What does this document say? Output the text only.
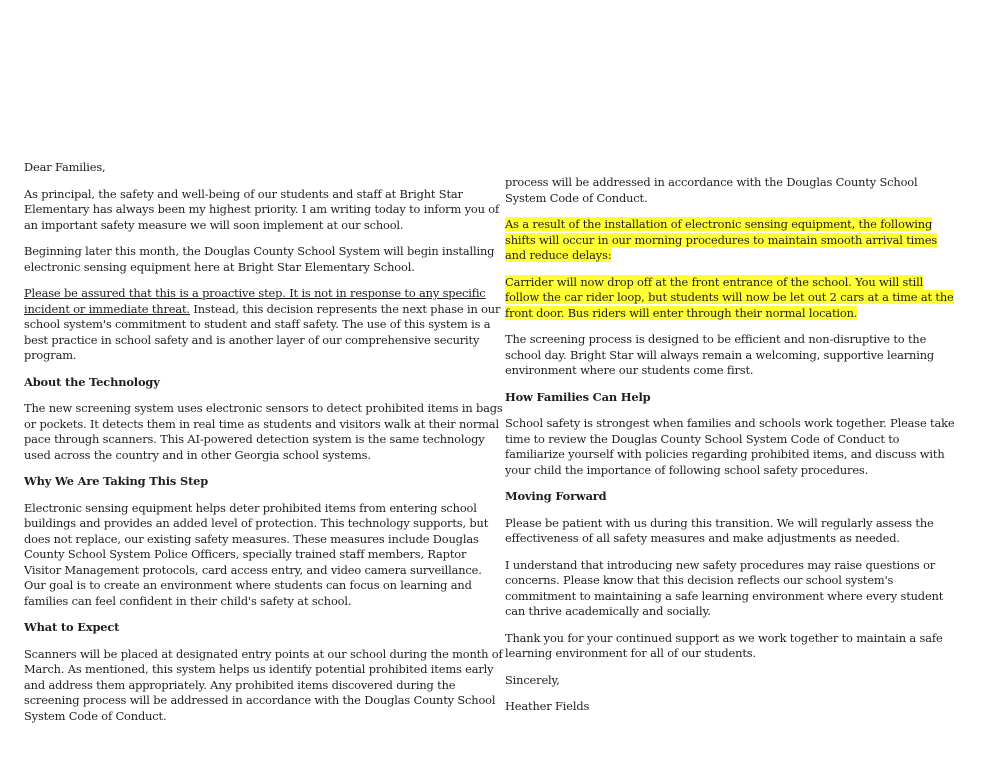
Dear Families,

As principal, the safety and well-being of our students and staff at Bright Star Elementary has always been my highest priority. I am writing today to inform you of an important safety measure we will soon implement at our school.

Beginning later this month, the Douglas County School System will begin installing electronic sensing equipment here at Bright Star Elementary School.

Please be assured that this is a proactive step. It is not in response to any specific incident or immediate threat. Instead, this decision represents the next phase in our school system's commitment to student and staff safety. The use of this system is a best practice in school safety and is another layer of our comprehensive security program.

About the Technology

The new screening system uses electronic sensors to detect prohibited items in bags or pockets. It detects them in real time as students and visitors walk at their normal pace through scanners. This AI-powered detection system is the same technology used across the country and in other Georgia school systems.

Why We Are Taking This Step

Electronic sensing equipment helps deter prohibited items from entering school buildings and provides an added level of protection. This technology supports, but does not replace, our existing safety measures. These measures include Douglas County School System Police Officers, specially trained staff members, Raptor Visitor Management protocols, card access entry, and video camera surveillance. Our goal is to create an environment where students can focus on learning and families can feel confident in their child's safety at school.

What to Expect

Scanners will be placed at designated entry points at our school during the month of March. As mentioned, this system helps us identify potential prohibited items early and address them appropriately. Any prohibited items discovered during the screening process will be addressed in accordance with the Douglas County School System Code of Conduct.

process will be addressed in accordance with the Douglas County School System Code of Conduct.

As a result of the installation of electronic sensing equipment, the following shifts will occur in our morning procedures to maintain smooth arrival times and reduce delays:

Carrider will now drop off at the front entrance of the school. You will still follow the car rider loop, but students will now be let out 2 cars at a time at the front door. Bus riders will enter through their normal location.

The screening process is designed to be efficient and non-disruptive to the school day. Bright Star will always remain a welcoming, supportive learning environment where our students come first.

How Families Can Help

School safety is strongest when families and schools work together. Please take time to review the Douglas County School System Code of Conduct to familiarize yourself with policies regarding prohibited items, and discuss with your child the importance of following school safety procedures.

Moving Forward

Please be patient with us during this transition. We will regularly assess the effectiveness of all safety measures and make adjustments as needed.

I understand that introducing new safety procedures may raise questions or concerns. Please know that this decision reflects our school system's commitment to maintaining a safe learning environment where every student can thrive academically and socially.

Thank you for your continued support as we work together to maintain a safe learning environment for all of our students.

Sincerely,

Heather Fields
